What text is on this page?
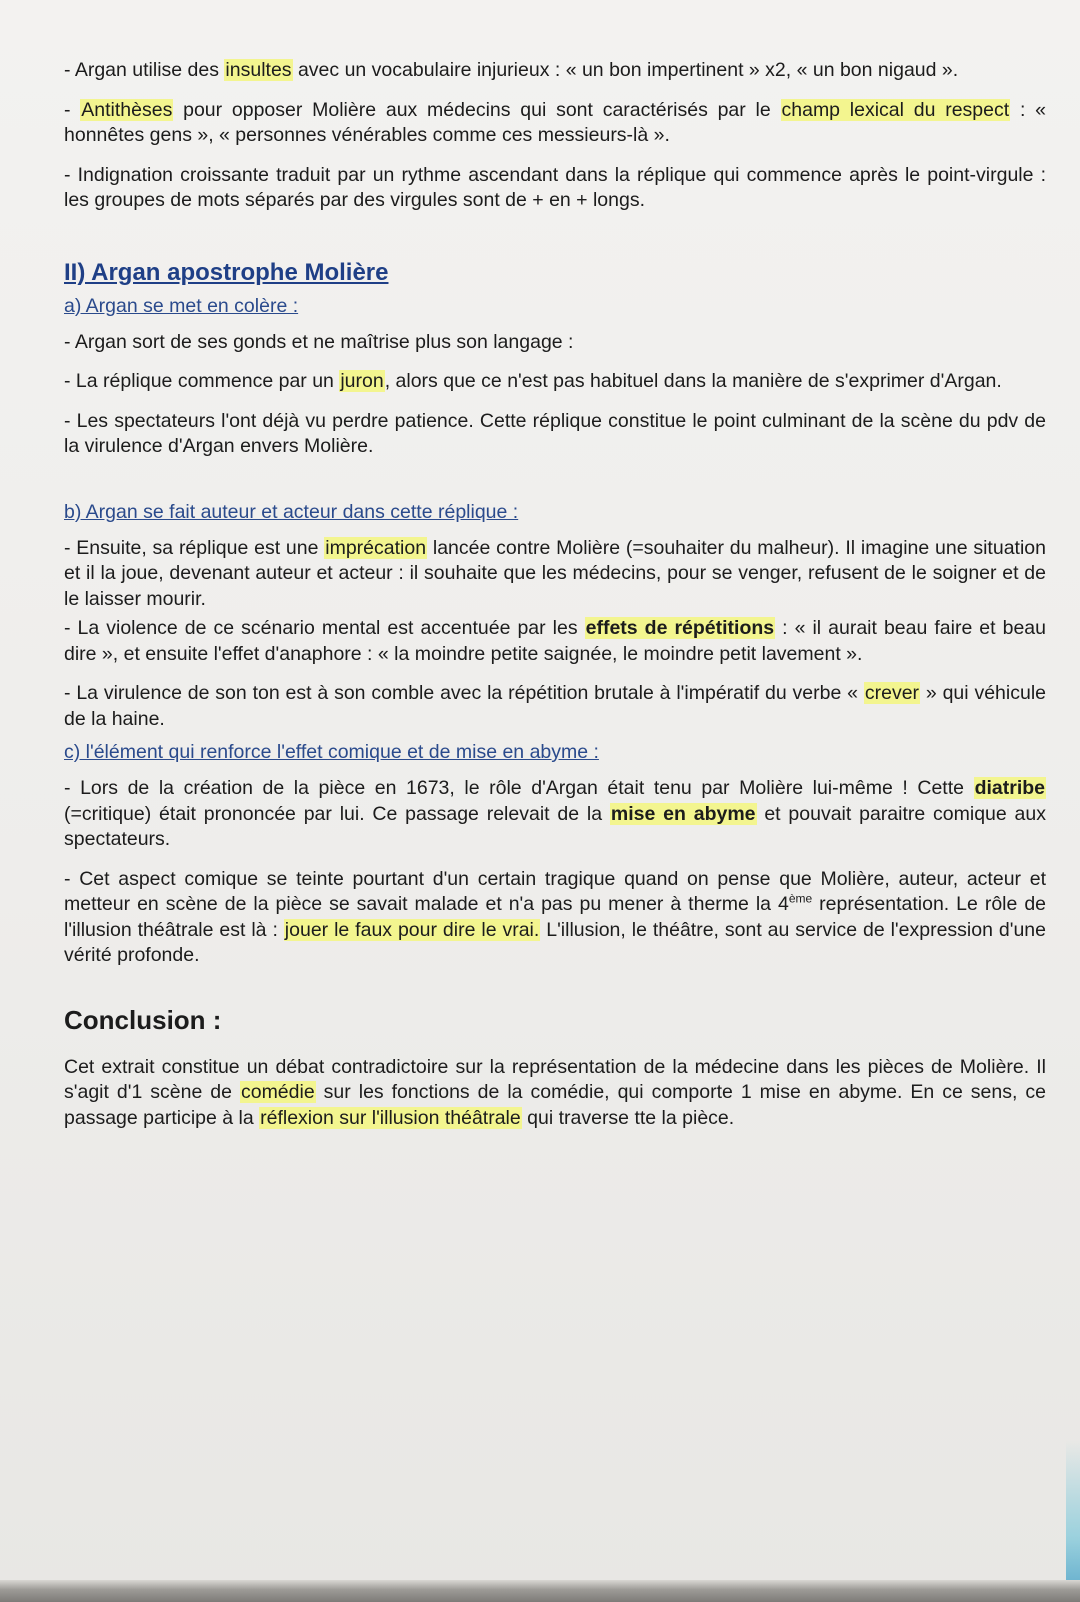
- Argan utilise des insultes avec un vocabulaire injurieux : « un bon impertinent » x2, « un bon nigaud ».

- Antithèses pour opposer Molière aux médecins qui sont caractérisés par le champ lexical du respect : « honnêtes gens », « personnes vénérables comme ces messieurs-là ».

- Indignation croissante traduit par un rythme ascendant dans la réplique qui commence après le point-virgule : les groupes de mots séparés par des virgules sont de + en + longs.

II) Argan apostrophe Molière
a) Argan se met en colère :

- Argan sort de ses gonds et ne maîtrise plus son langage :

- La réplique commence par un juron, alors que ce n'est pas habituel dans la manière de s'exprimer d'Argan.

- Les spectateurs l'ont déjà vu perdre patience. Cette réplique constitue le point culminant de la scène du pdv de la virulence d'Argan envers Molière.

b) Argan se fait auteur et acteur dans cette réplique :

- Ensuite, sa réplique est une imprécation lancée contre Molière (=souhaiter du malheur). Il imagine une situation et il la joue, devenant auteur et acteur : il souhaite que les médecins, pour se venger, refusent de le soigner et de le laisser mourir.

- La violence de ce scénario mental est accentuée par les effets de répétitions : « il aurait beau faire et beau dire », et ensuite l'effet d'anaphore : « la moindre petite saignée, le moindre petit lavement ».

- La virulence de son ton est à son comble avec la répétition brutale à l'impératif du verbe « crever » qui véhicule de la haine.

c) l'élément qui renforce l'effet comique et de mise en abyme :

- Lors de la création de la pièce en 1673, le rôle d'Argan était tenu par Molière lui-même ! Cette diatribe (=critique) était prononcée par lui. Ce passage relevait de la mise en abyme et pouvait paraitre comique aux spectateurs.

- Cet aspect comique se teinte pourtant d'un certain tragique quand on pense que Molière, auteur, acteur et metteur en scène de la pièce se savait malade et n'a pas pu mener à therme la 4ème représentation. Le rôle de l'illusion théâtrale est là : jouer le faux pour dire le vrai. L'illusion, le théâtre, sont au service de l'expression d'une vérité profonde.

Conclusion :

Cet extrait constitue un débat contradictoire sur la représentation de la médecine dans les pièces de Molière. Il s'agit d'1 scène de comédie sur les fonctions de la comédie, qui comporte 1 mise en abyme. En ce sens, ce passage participe à la réflexion sur l'illusion théâtrale qui traverse tte la pièce.
